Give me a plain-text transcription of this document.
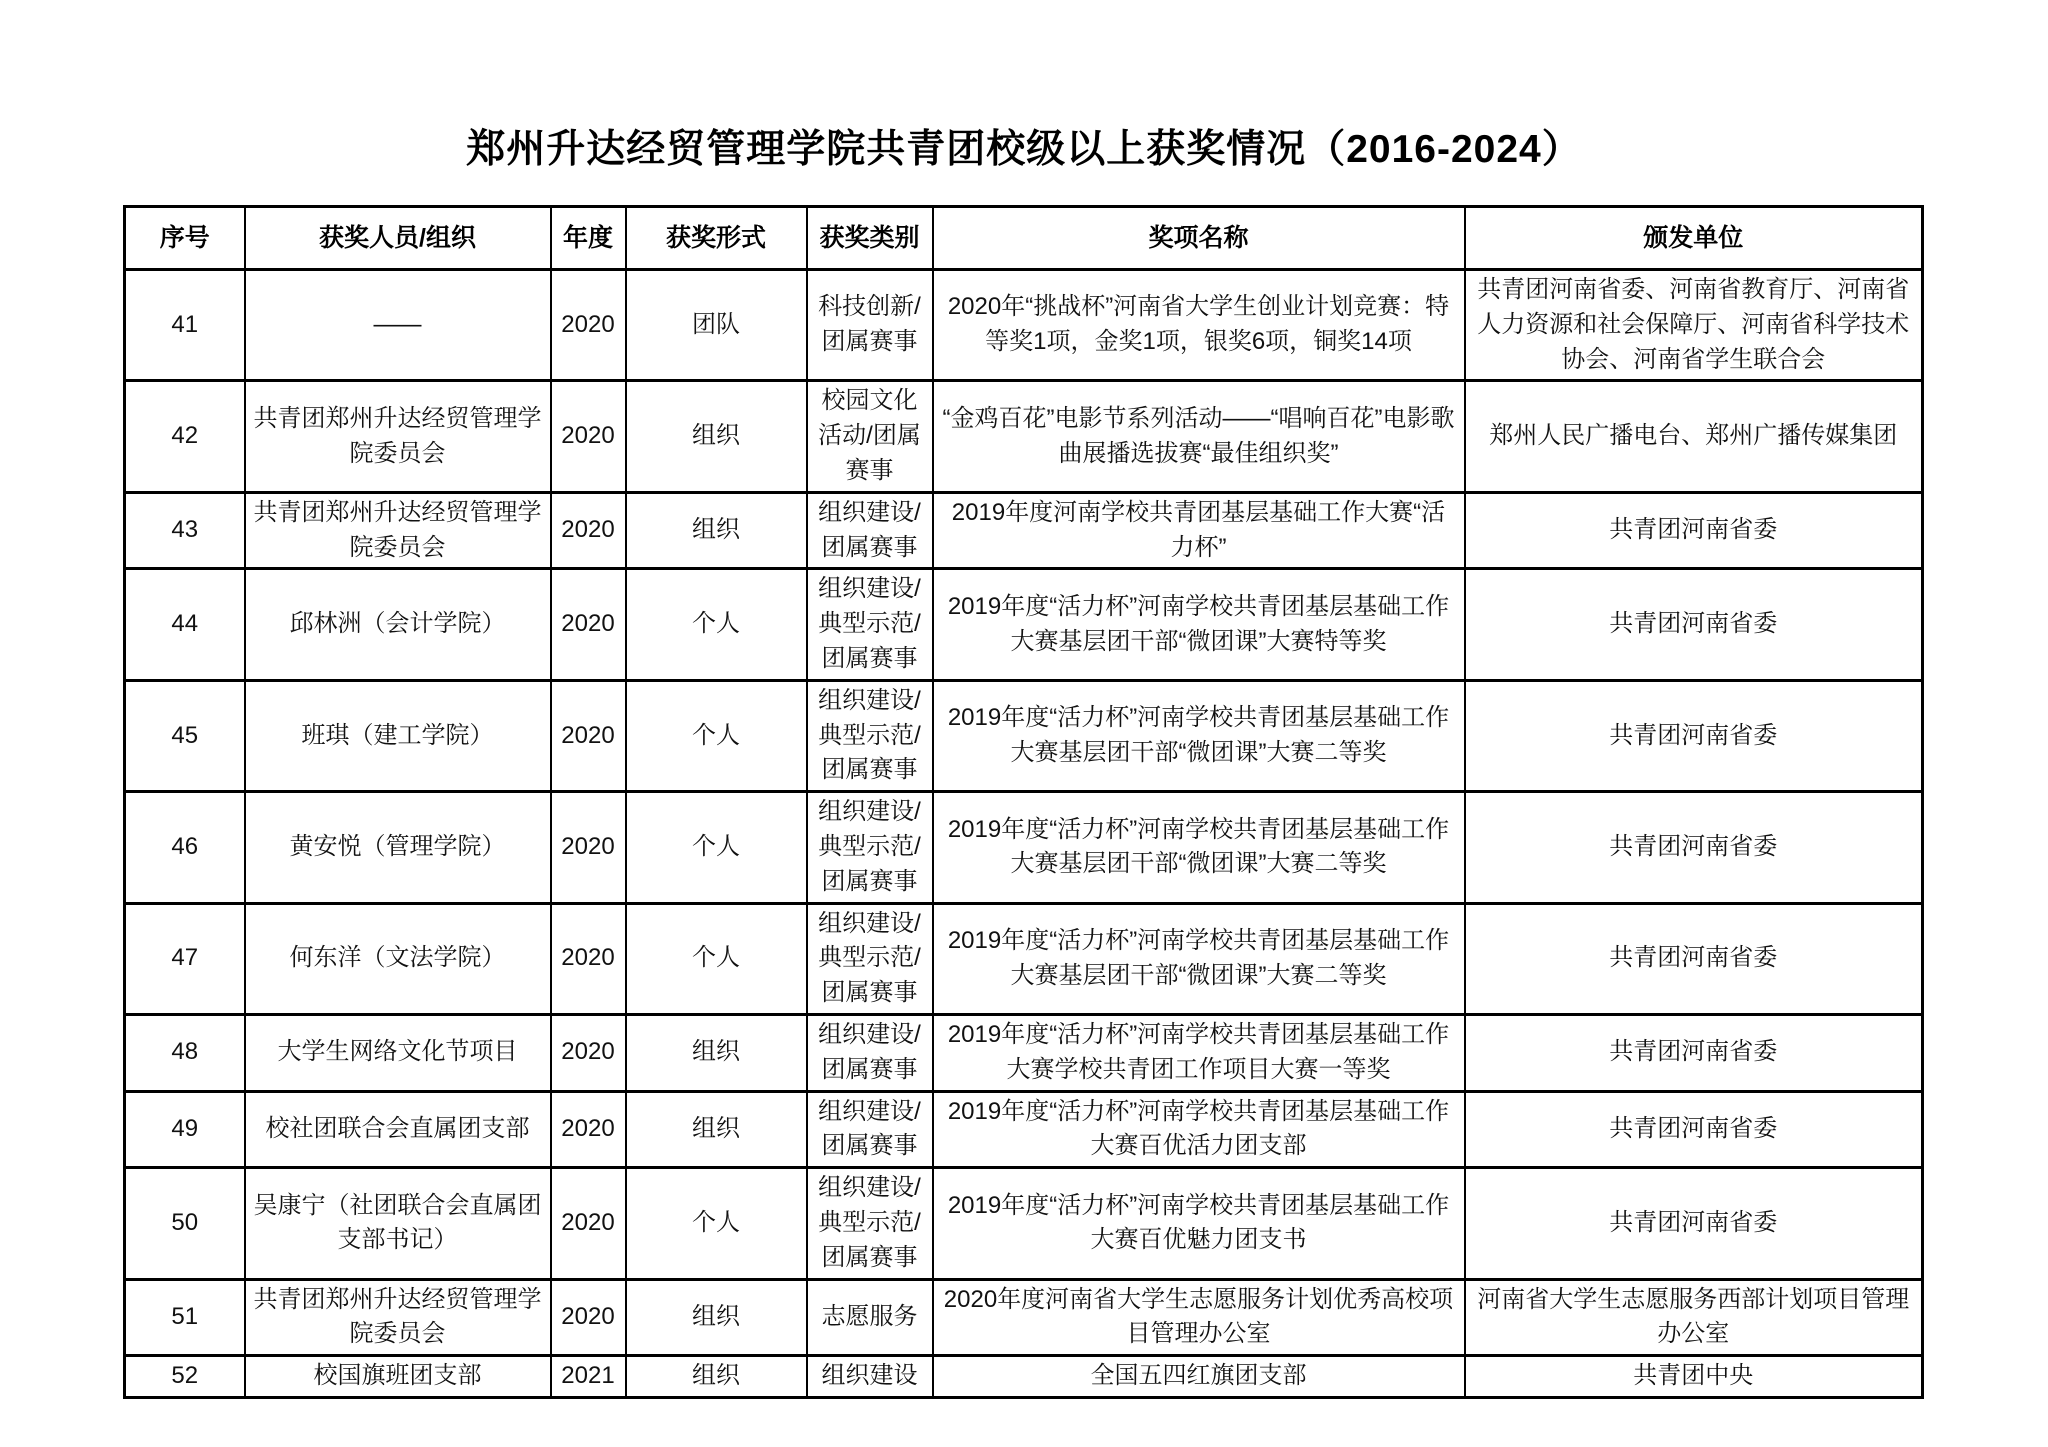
郑州升达经贸管理学院共青团校级以上获奖情况（2016-2024）
序号	获奖人员/组织	年度	获奖形式	获奖类别	奖项名称	颁发单位
41	——	2020	团队	科技创新/团属赛事	2020年“挑战杯”河南省大学生创业计划竞赛：特等奖1项，金奖1项，银奖6项，铜奖14项	共青团河南省委、河南省教育厅、河南省人力资源和社会保障厅、河南省科学技术协会、河南省学生联合会
42	共青团郑州升达经贸管理学院委员会	2020	组织	校园文化活动/团属赛事	“金鸡百花”电影节系列活动——“唱响百花”电影歌曲展播选拔赛“最佳组织奖”	郑州人民广播电台、郑州广播传媒集团
43	共青团郑州升达经贸管理学院委员会	2020	组织	组织建设/团属赛事	2019年度河南学校共青团基层基础工作大赛“活力杯”	共青团河南省委
44	邱林洲（会计学院）	2020	个人	组织建设/典型示范/团属赛事	2019年度“活力杯”河南学校共青团基层基础工作大赛基层团干部“微团课”大赛特等奖	共青团河南省委
45	班琪（建工学院）	2020	个人	组织建设/典型示范/团属赛事	2019年度“活力杯”河南学校共青团基层基础工作大赛基层团干部“微团课”大赛二等奖	共青团河南省委
46	黄安悦（管理学院）	2020	个人	组织建设/典型示范/团属赛事	2019年度“活力杯”河南学校共青团基层基础工作大赛基层团干部“微团课”大赛二等奖	共青团河南省委
47	何东洋（文法学院）	2020	个人	组织建设/典型示范/团属赛事	2019年度“活力杯”河南学校共青团基层基础工作大赛基层团干部“微团课”大赛二等奖	共青团河南省委
48	大学生网络文化节项目	2020	组织	组织建设/团属赛事	2019年度“活力杯”河南学校共青团基层基础工作大赛学校共青团工作项目大赛一等奖	共青团河南省委
49	校社团联合会直属团支部	2020	组织	组织建设/团属赛事	2019年度“活力杯”河南学校共青团基层基础工作大赛百优活力团支部	共青团河南省委
50	吴康宁（社团联合会直属团支部书记）	2020	个人	组织建设/典型示范/团属赛事	2019年度“活力杯”河南学校共青团基层基础工作大赛百优魅力团支书	共青团河南省委
51	共青团郑州升达经贸管理学院委员会	2020	组织	志愿服务	2020年度河南省大学生志愿服务计划优秀高校项目管理办公室	河南省大学生志愿服务西部计划项目管理办公室
52	校国旗班团支部	2021	组织	组织建设	全国五四红旗团支部	共青团中央
